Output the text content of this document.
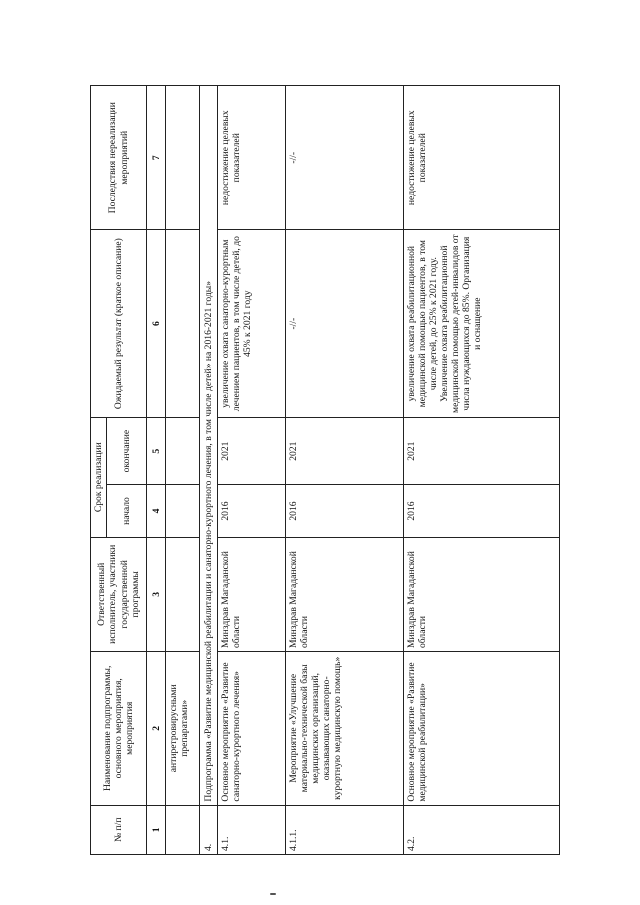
№ п/п	Наименование подпрограммы, основного мероприятия, мероприятия	Ответственный исполнитель, участники государственной программы	Срок реализации		Ожидаемый результат (краткое описание)	Последствия нереализации мероприятий
			начало	окончание		
1	2	3	4	5	6	7
	антиретровирусными препаратами»					
4.	Подпрограмма «Развитие медицинской реабилитации и санаторно-курортного лечения, в том числе детей» на 2016-2021 годы»					
4.1.	Основное мероприятие «Развитие санаторно-курортного лечения»	Минздрав Магаданской области	2016	2021	увеличение охвата санаторно-курортным лечением пациентов, в том числе детей, до 45% к 2021 году	недостижение целевых показателей
4.1.1.	Мероприятие «Улучшение материально-технической базы медицинских организаций, оказывающих санаторно-курортную медицинскую помощь»	Минздрав Магаданской области	2016	2021	-//-	-//-
4.2.	Основное мероприятие «Развитие медицинской реабилитации»	Минздрав Магаданской области	2016	2021	увеличение охвата реабилитационной медицинской помощью пациентов, в том числе детей, до 25% к 2021 году. Увеличение охвата реабилитационной медицинской помощью детей-инвалидов от числа нуждающихся до 85%. Организация и оснащение	недостижение целевых показателей
